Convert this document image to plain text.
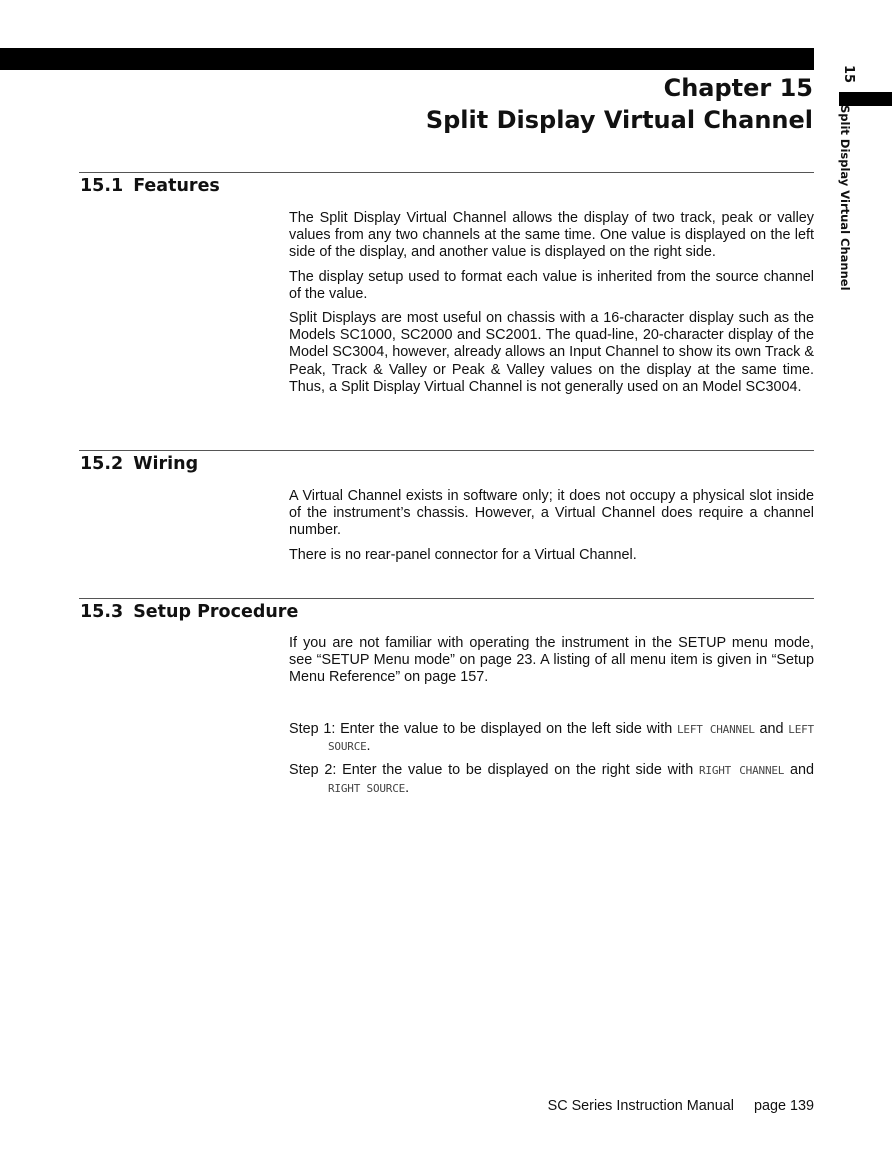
15
Split Display Virtual Channel
Chapter 15
Split Display Virtual Channel
15.1 Features

The Split Display Virtual Channel allows the display of two track, peak or valley values from any two channels at the same time. One value is displayed on the left side of the display, and another value is displayed on the right side.

The display setup used to format each value is inherited from the source channel of the value.

Split Displays are most useful on chassis with a 16-character display such as the Models SC1000, SC2000 and SC2001. The quad-line, 20-character display of the Model SC3004, however, already allows an Input Channel to show its own Track & Peak, Track & Valley or Peak & Valley values on the display at the same time. Thus, a Split Display Virtual Channel is not generally used on an Model SC3004.

15.2 Wiring

A Virtual Channel exists in software only; it does not occupy a physical slot inside of the instrument’s chassis. However, a Virtual Channel does require a channel number.

There is no rear-panel connector for a Virtual Channel.

15.3 Setup Procedure

If you are not familiar with operating the instrument in the SETUP menu mode, see “SETUP Menu mode” on page 23. A listing of all menu item is given in “Setup Menu Reference” on page 157.

Step 1: Enter the value to be displayed on the left side with LEFT CHANNEL and LEFT SOURCE.

Step 2: Enter the value to be displayed on the right side with RIGHT CHANNEL and RIGHT SOURCE.

SC Series Instruction Manual page 139
